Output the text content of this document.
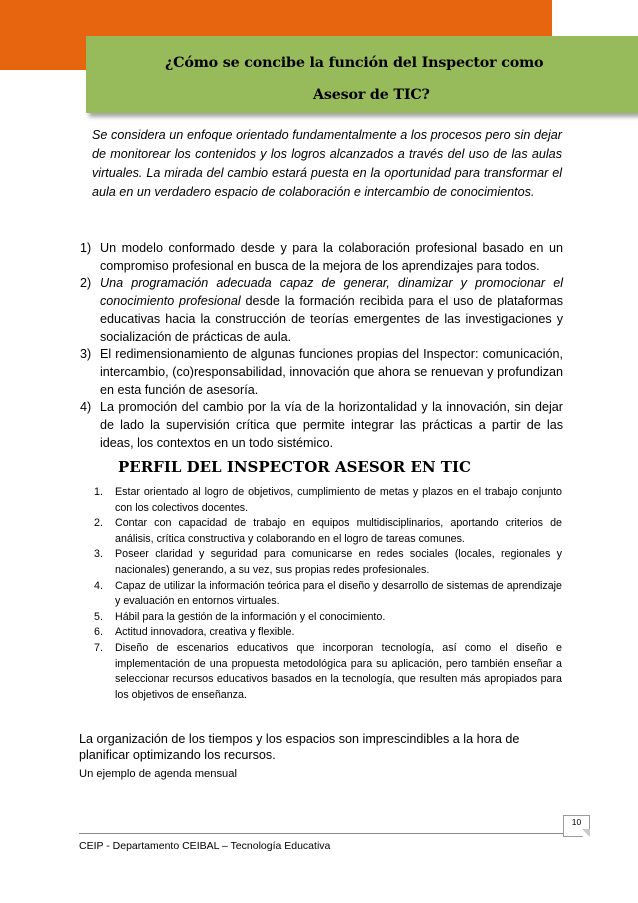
¿Cómo se concibe la función del Inspector como
Asesor de TIC?

Se considera un enfoque orientado fundamentalmente a los procesos pero sin dejar de monitorear los contenidos y los logros alcanzados a través del uso de las aulas virtuales. La mirada del cambio estará puesta en la oportunidad para transformar el aula en un verdadero espacio de colaboración e intercambio de conocimientos.

1) Un modelo conformado desde y para la colaboración profesional basado en un compromiso profesional en busca de la mejora de los aprendizajes para todos.
2) Una programación adecuada capaz de generar, dinamizar y promocionar el conocimiento profesional desde la formación recibida para el uso de plataformas educativas hacia la construcción de teorías emergentes de las investigaciones y socialización de prácticas de aula.
3) El redimensionamiento de algunas funciones propias del Inspector: comunicación, intercambio, (co)responsabilidad, innovación que ahora se renuevan y profundizan en esta función de asesoría.
4) La promoción del cambio por la vía de la horizontalidad y la innovación, sin dejar de lado la supervisión crítica que permite integrar las prácticas a partir de las ideas, los contextos en un todo sistémico.
PERFIL DEL INSPECTOR ASESOR EN TIC
1. Estar orientado al logro de objetivos, cumplimiento de metas y plazos en el trabajo conjunto con los colectivos docentes.
2. Contar con capacidad de trabajo en equipos multidisciplinarios, aportando criterios de análisis, crítica constructiva y colaborando en el logro de tareas comunes.
3. Poseer claridad y seguridad para comunicarse en redes sociales (locales, regionales y nacionales) generando, a su vez, sus propias redes profesionales.
4. Capaz de utilizar la información teórica para el diseño y desarrollo de sistemas de aprendizaje y evaluación en entornos virtuales.
5. Hábil para la gestión de la información y el conocimiento.
6. Actitud innovadora, creativa y flexible.
7. Diseño de escenarios educativos que incorporan tecnología, así como el diseño e implementación de una propuesta metodológica para su aplicación, pero también enseñar a seleccionar recursos educativos basados en la tecnología, que resulten más apropiados para los objetivos de enseñanza.

La organización de los tiempos y los espacios son imprescindibles a la hora de planificar optimizando los recursos.

Un ejemplo de agenda mensual

10

CEIP - Departamento CEIBAL – Tecnología Educativa
